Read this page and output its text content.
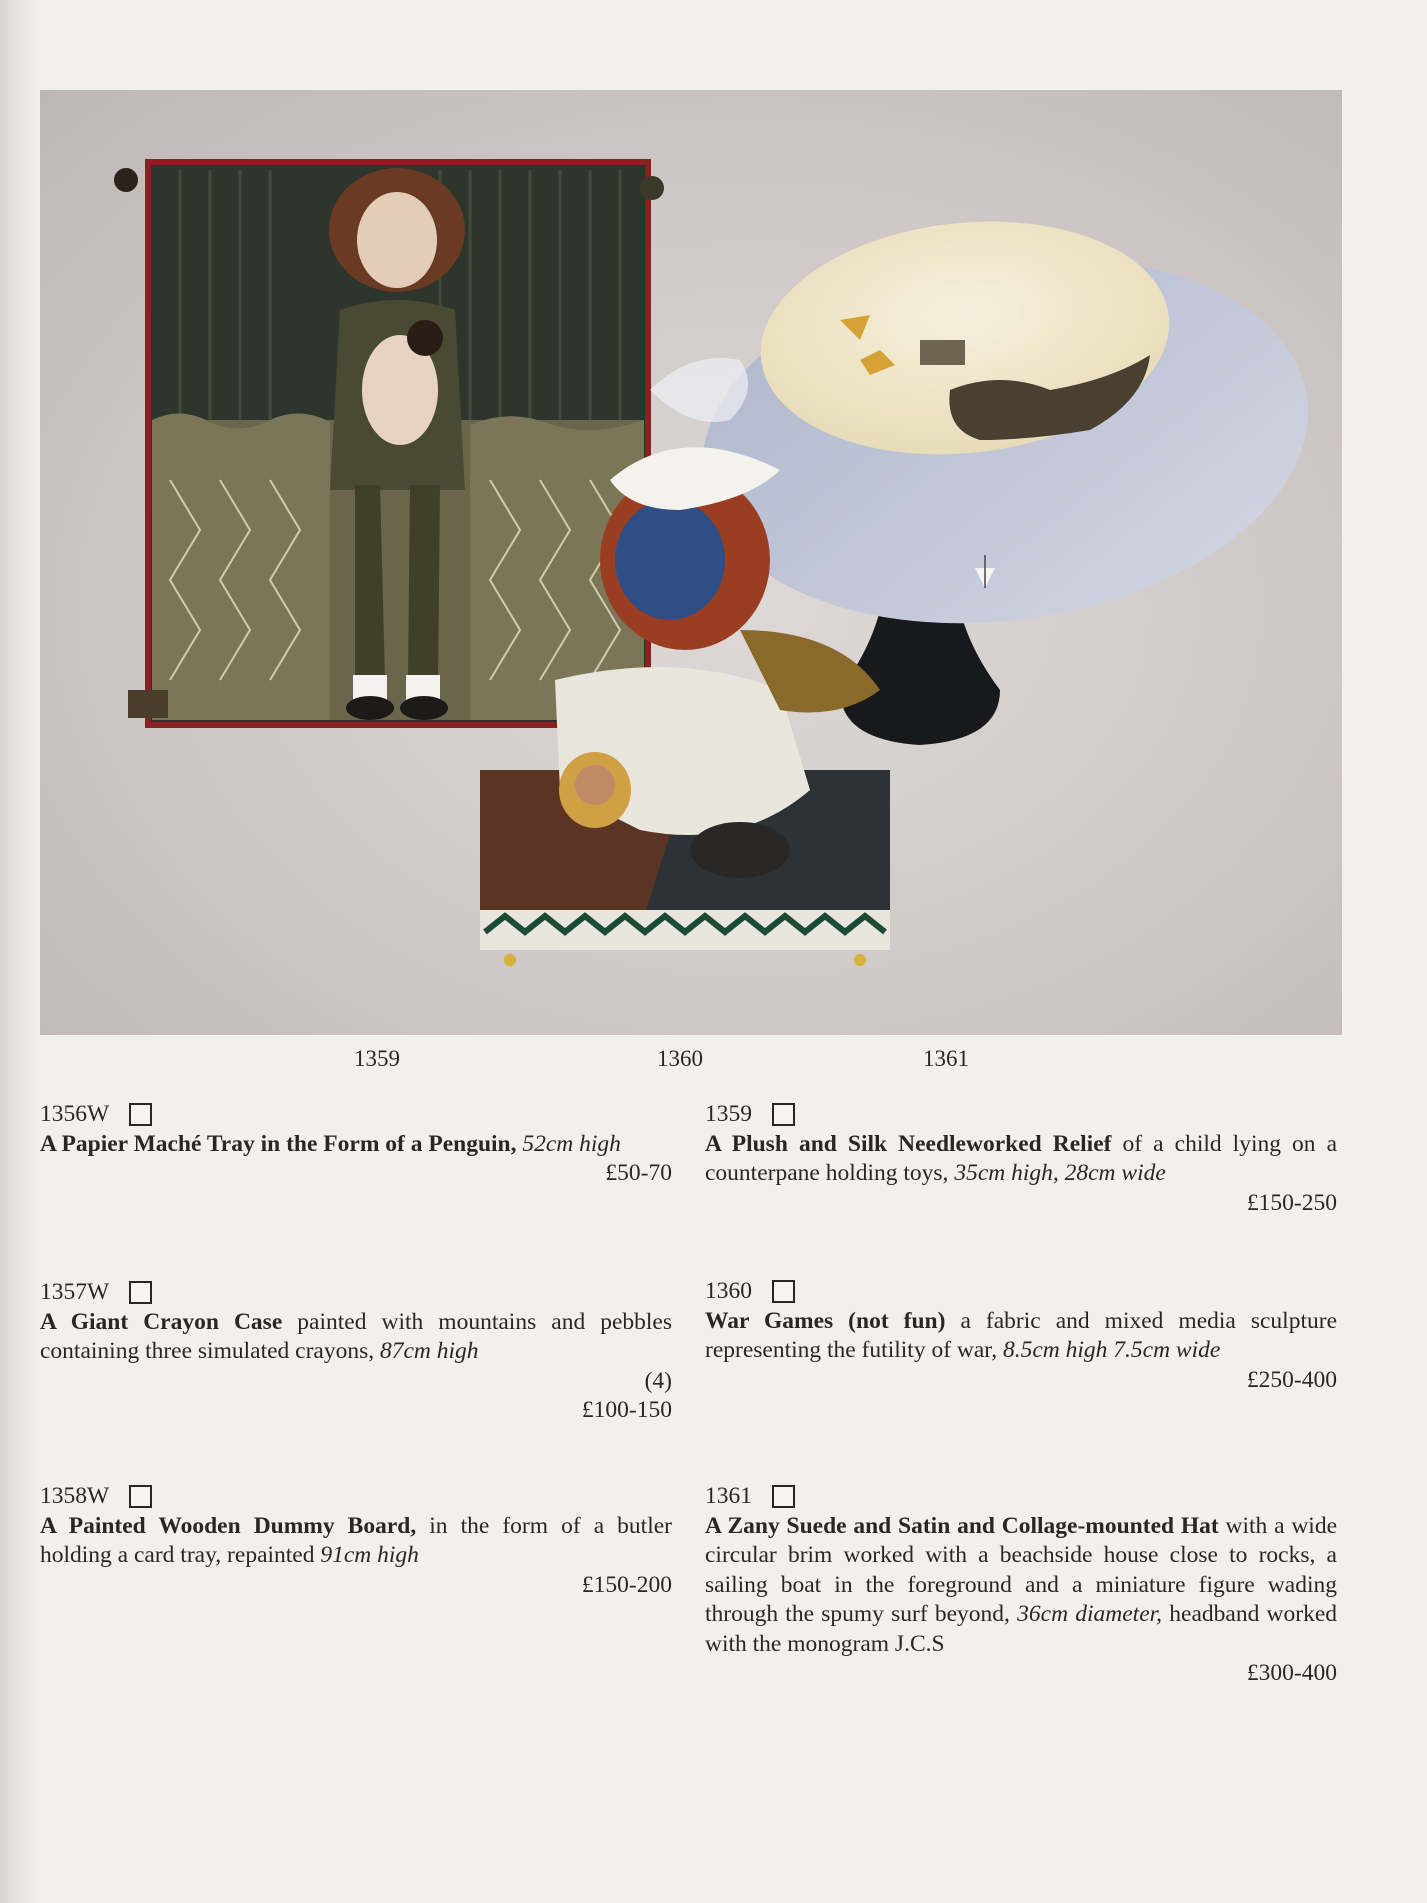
1359	1360	1361
1356W
A Papier Maché Tray in the Form of a Penguin, 52cm high
£50-70
1357W
A Giant Crayon Case painted with mountains and pebbles containing three simulated crayons, 87cm high
(4)
£100-150
1358W
A Painted Wooden Dummy Board, in the form of a butler holding a card tray, repainted 91cm high
£150-200
1359
A Plush and Silk Needleworked Relief of a child lying on a counterpane holding toys, 35cm high, 28cm wide
£150-250
1360
War Games (not fun) a fabric and mixed media sculpture representing the futility of war, 8.5cm high 7.5cm wide
£250-400
1361
A Zany Suede and Satin and Collage-mounted Hat with a wide circular brim worked with a beachside house close to rocks, a sailing boat in the foreground and a miniature figure wading through the spumy surf beyond, 36cm diameter, headband worked with the monogram J.C.S
£300-400
